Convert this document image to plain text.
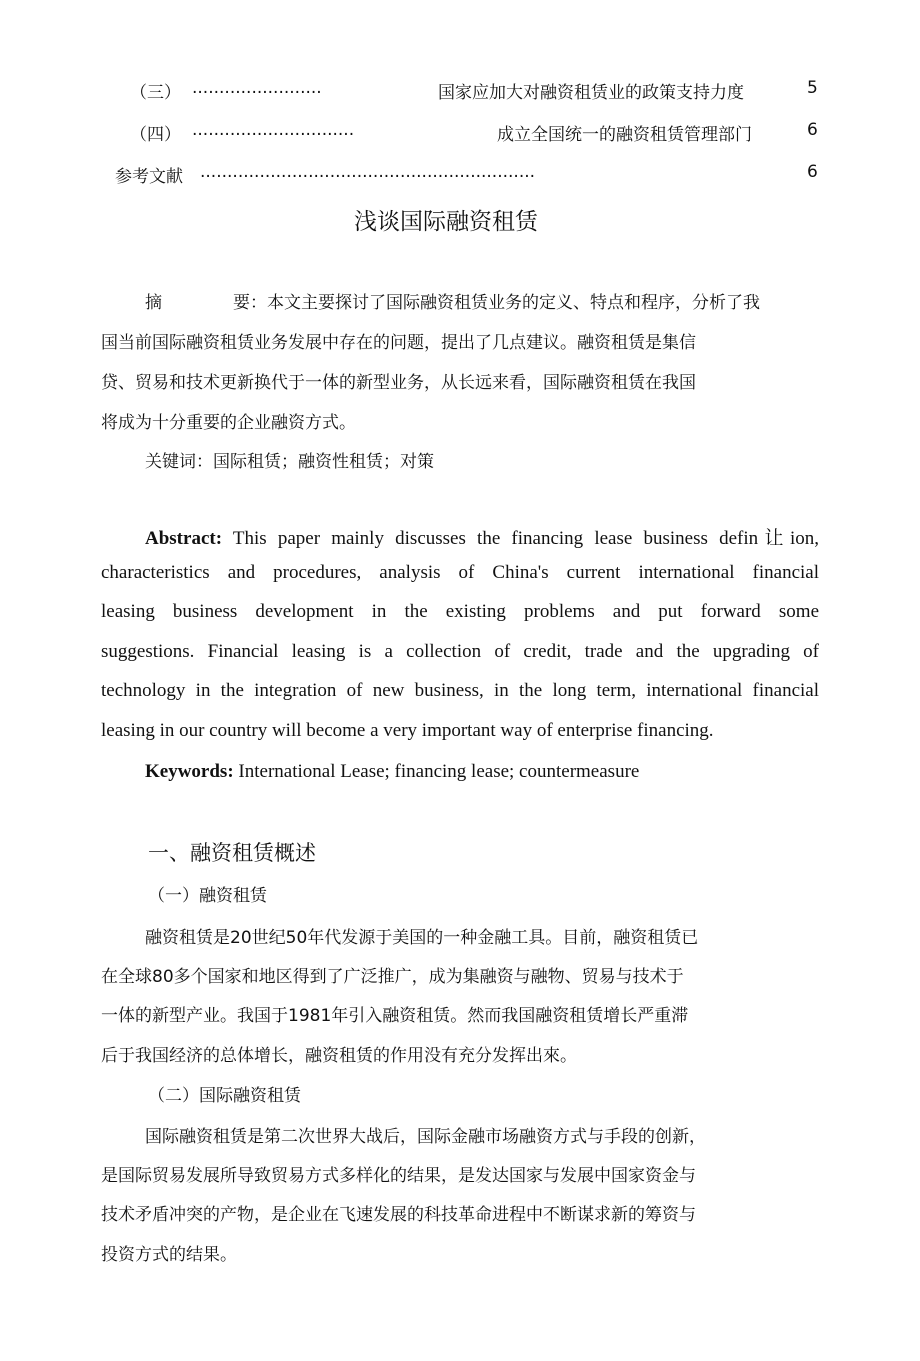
（三） ........................	国家应加大对融资租赁业的政策支持力度	5
（四） ..............................	成立全国统一的融资租赁管理部门	6
参考文献 ..............................................................	6
浅谈国际融资租赁
摘	要 ：本文主要探讨了国际融资租赁业务的定义、特点和程序，分析了我
国当前国际融资租赁业务发展中存在的问题，提出了几点建议。融资租赁是集信
贷、贸易和技术更新换代于一体的新型业务，从长远来看，国际融资租赁在我国
将成为十分重要的企业融资方式。
关键词：国际租赁；融资性租赁；对策
Abstract: This paper mainly discusses the financing lease business defin让ion,
characteristics and procedures, analysis of China's current international financial
leasing business development in the existing problems and put forward some
suggestions. Financial leasing is a collection of credit, trade and the upgrading of
technology in the integration of new business, in the long term, international financial
leasing in our country will become a very important way of enterprise financing.
Keywords: International Lease; financing lease; countermeasure
一、融资租赁概述
（一）融资租赁
融资租赁是20世纪50年代发源于美国的一种金融工具。目前，融资租赁已
在全球80多个国家和地区得到了广泛推广，成为集融资与融物、贸易与技术于
一体的新型产业。我国于1981年引入融资租赁。然而我国融资租赁增长严重滞
后于我国经济的总体增长，融资租赁的作用没有充分发挥出來。
（二）国际融资租赁
国际融资租赁是第二次世界大战后，国际金融市场融资方式与手段的创新，
是国际贸易发展所导致贸易方式多样化的结果，是发达国家与发展中国家资金与
技术矛盾冲突的产物，是企业在飞速发展的科技革命进程中不断谋求新的筹资与
投资方式的结果。
